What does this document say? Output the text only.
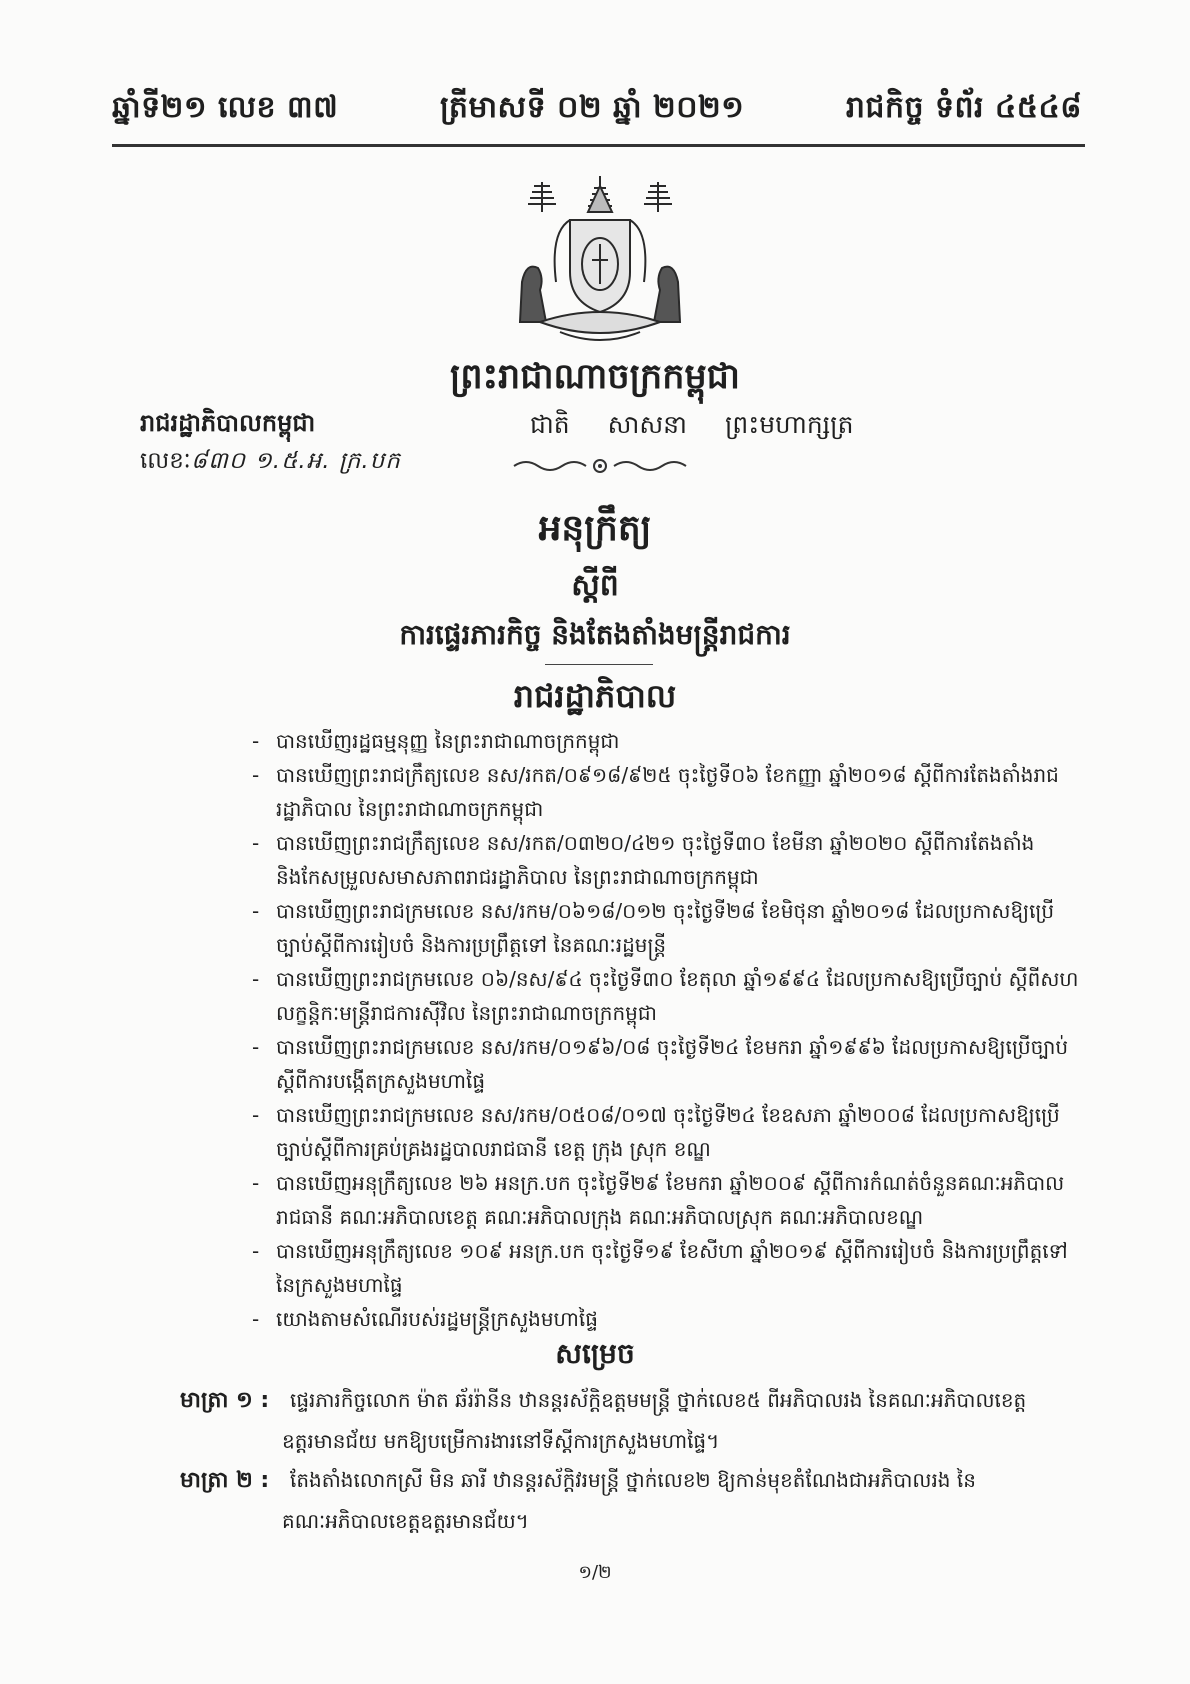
ឆ្នាំទី២១ លេខ ៣៧	ត្រីមាសទី ០២ ឆ្នាំ ២០២១	រាជកិច្ច ទំព័រ ៤៥៤៨
ព្រះរាជាណាចក្រកម្ពុជា
រាជរដ្ឋាភិបាលកម្ពុជា
លេខៈ៨៣០ ១.៥.អ. ក្រ.បក
ជាតិ សាសនា ព្រះមហាក្សត្រ
អនុក្រឹត្យ
ស្តីពី
ការផ្ទេរភារកិច្ច និងតែងតាំងមន្ត្រីរាជការ
រាជរដ្ឋាភិបាល
- បានឃើញរដ្ឋធម្មនុញ្ញ នៃព្រះរាជាណាចក្រកម្ពុជា
- បានឃើញព្រះរាជក្រឹត្យលេខ នស/រកត/០៩១៨/៩២៥ ចុះថ្ងៃទី០៦ ខែកញ្ញា ឆ្នាំ២០១៨ ស្តីពីការតែងតាំងរាជរដ្ឋាភិបាល នៃព្រះរាជាណាចក្រកម្ពុជា
- បានឃើញព្រះរាជក្រឹត្យលេខ នស/រកត/០៣២០/៤២១ ចុះថ្ងៃទី៣០ ខែមីនា ឆ្នាំ២០២០ ស្តីពីការតែងតាំង និងកែសម្រួលសមាសភាពរាជរដ្ឋាភិបាល នៃព្រះរាជាណាចក្រកម្ពុជា
- បានឃើញព្រះរាជក្រមលេខ នស/រកម/០៦១៨/០១២ ចុះថ្ងៃទី២៨ ខែមិថុនា ឆ្នាំ២០១៨ ដែលប្រកាសឱ្យប្រើច្បាប់ស្តីពីការរៀបចំ និងការប្រព្រឹត្តទៅ នៃគណៈរដ្ឋមន្ត្រី
- បានឃើញព្រះរាជក្រមលេខ ០៦/នស/៩៤ ចុះថ្ងៃទី៣០ ខែតុលា ឆ្នាំ១៩៩៤ ដែលប្រកាសឱ្យប្រើច្បាប់ ស្តីពីសហលក្ខន្តិកៈមន្ត្រីរាជការស៊ីវិល នៃព្រះរាជាណាចក្រកម្ពុជា
- បានឃើញព្រះរាជក្រមលេខ នស/រកម/០១៩៦/០៨ ចុះថ្ងៃទី២៤ ខែមករា ឆ្នាំ១៩៩៦ ដែលប្រកាសឱ្យប្រើច្បាប់ស្តីពីការបង្កើតក្រសួងមហាផ្ទៃ
- បានឃើញព្រះរាជក្រមលេខ នស/រកម/០៥០៨/០១៧ ចុះថ្ងៃទី២៤ ខែឧសភា ឆ្នាំ២០០៨ ដែលប្រកាសឱ្យប្រើច្បាប់ស្តីពីការគ្រប់គ្រងរដ្ឋបាលរាជធានី ខេត្ត ក្រុង ស្រុក ខណ្ឌ
- បានឃើញអនុក្រឹត្យលេខ ២៦ អនក្រ.បក ចុះថ្ងៃទី២៩ ខែមករា ឆ្នាំ២០០៩ ស្តីពីការកំណត់ចំនួនគណៈអភិបាលរាជធានី គណៈអភិបាលខេត្ត គណៈអភិបាលក្រុង គណៈអភិបាលស្រុក គណៈអភិបាលខណ្ឌ
- បានឃើញអនុក្រឹត្យលេខ ១០៩ អនក្រ.បក ចុះថ្ងៃទី១៩ ខែសីហា ឆ្នាំ២០១៩ ស្តីពីការរៀបចំ និងការប្រព្រឹត្តទៅ នៃក្រសួងមហាផ្ទៃ
- យោងតាមសំណើរបស់រដ្ឋមន្ត្រីក្រសួងមហាផ្ទៃ
សម្រេច
មាត្រា ១ : ផ្ទេរភារកិច្ចលោក ម៉ាត ឆ័ររ៉ានីន ឋានន្តរស័ក្តិឧត្តមមន្ត្រី ថ្នាក់លេខ៥ ពីអភិបាលរង នៃគណៈអភិបាលខេត្ត
ឧត្តរមានជ័យ មកឱ្យបម្រើការងារនៅទីស្តីការក្រសួងមហាផ្ទៃ។
មាត្រា ២ : តែងតាំងលោកស្រី មិន ឆារី ឋានន្តរស័ក្តិវរមន្ត្រី ថ្នាក់លេខ២ ឱ្យកាន់មុខតំណែងជាអភិបាលរង នៃ
គណៈអភិបាលខេត្តឧត្តរមានជ័យ។
១/២
